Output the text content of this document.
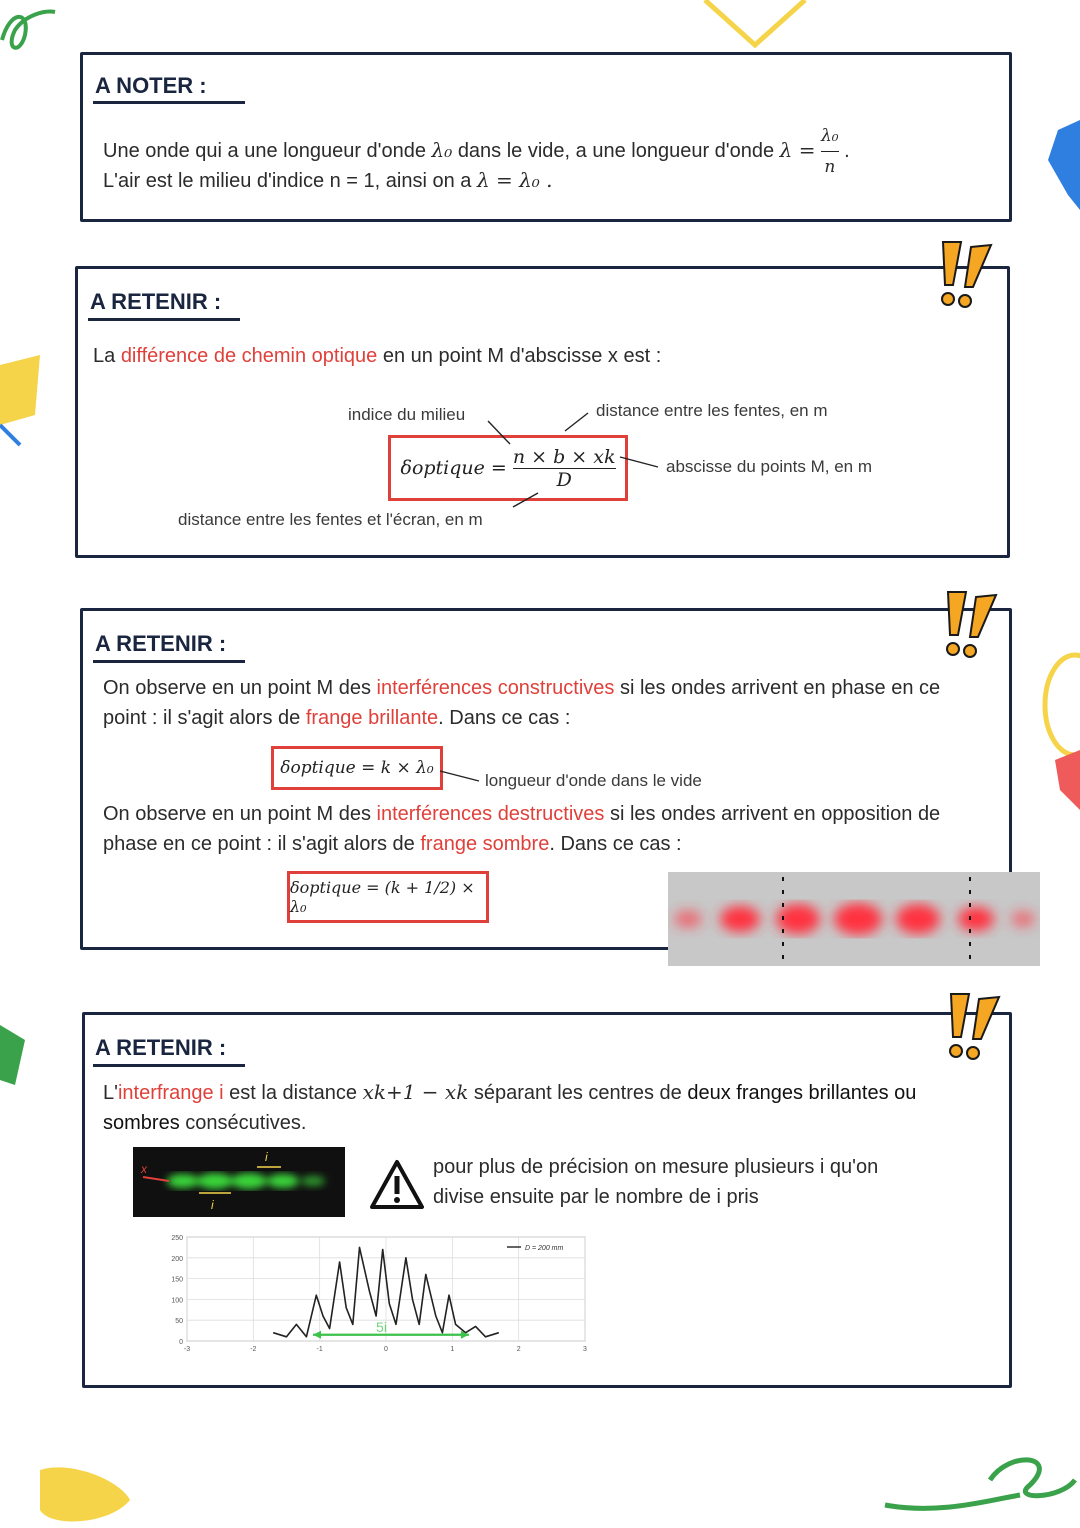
A NOTER :
Une onde qui a une longueur d'onde λ₀ dans le vide, a une longueur d'onde $\lambda = \frac{\text{λ₀}}{n}$ .
L'air est le milieu d'indice n = 1, ainsi on a λ = λ₀ .
A RETENIR :
La différence de chemin optique en un point M d'abscisse x est :
δoptique = $\frac{n \times b \times xk}{D}$
indice du milieu	distance entre les fentes, en m
abscisse du points M, en m
distance entre les fentes et l'écran, en m
A RETENIR :
On observe en un point M des interférences constructives si les ondes arrivent en phase en ce point : il s'agit alors de frange brillante. Dans ce cas :
δoptique = k × λ₀
longueur d'onde dans le vide
On observe en un point M des interférences destructives si les ondes arrivent en opposition de phase en ce point : il s'agit alors de frange sombre. Dans ce cas :
δoptique = (k + 1/2) × λ₀
A RETENIR :
L'interfrange i est la distance xk+1 − xk séparant les centres de deux franges brillantes ou sombres consécutives.
x
i
i
pour plus de précision on mesure plusieurs i qu'on
divise ensuite par le nombre de i pris
0
50
100
150
200
250
-3	-2	-1	0	1	2	3
D = 200 mm
5i
